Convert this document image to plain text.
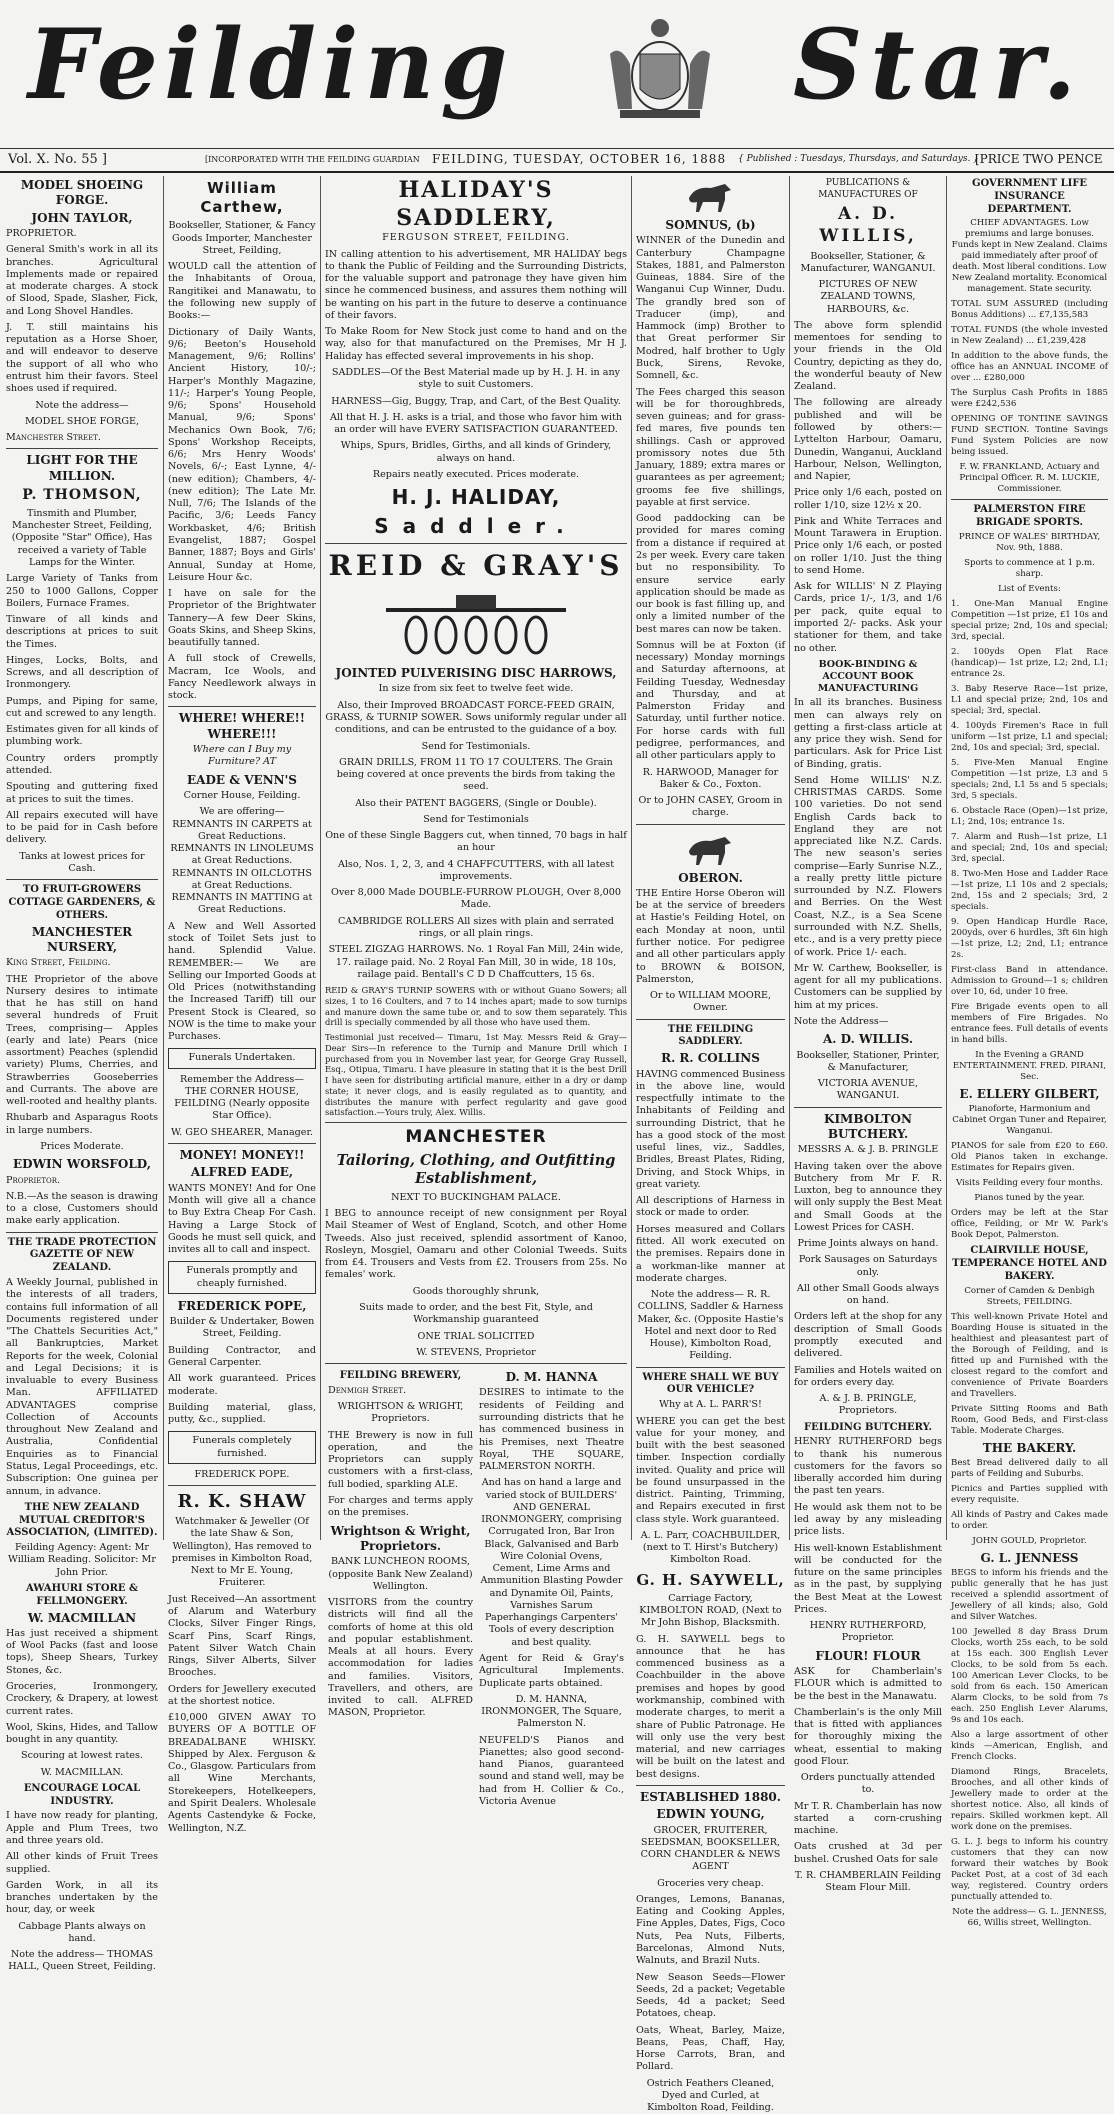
Feilding	Star.
Vol. X. No. 55 ]	[INCORPORATED WITH THE FEILDING GUARDIAN FEILDING, TUESDAY, OCTOBER 16, 1888 { Published : Tuesdays, Thursdays, and Saturdays. }
[PRICE TWO PENCE
MODEL SHOEING FORGE.
JOHN TAYLOR,

PROPRIETOR.

General Smith's work in all its branches. Agricultural Implements made or repaired at moderate charges. A stock of Slood, Spade, Slasher, Fick, and Long Shovel Handles.

J. T. still maintains his reputation as a Horse Shoer, and will endeavor to deserve the support of all who who entrust him their favors. Steel shoes used if required.

Note the address—

MODEL SHOE FORGE,

Manchester Street.

LIGHT FOR THE MILLION.
P. THOMSON,

Tinsmith and Plumber, Manchester Street, Feilding, (Opposite "Star" Office), Has received a variety of Table Lamps for the Winter.

Large Variety of Tanks from 250 to 1000 Gallons, Copper Boilers, Furnace Frames.

Tinware of all kinds and descriptions at prices to suit the Times.

Hinges, Locks, Bolts, and Screws, and all description of Ironmongery.

Pumps, and Piping for same, cut and screwed to any length.

Estimates given for all kinds of plumbing work.

Country orders promptly attended.

Spouting and guttering fixed at prices to suit the times.

All repairs executed will have to be paid for in Cash before delivery.

Tanks at lowest prices for Cash.

TO FRUIT-GROWERS COTTAGE GARDENERS, & OTHERS.
MANCHESTER NURSERY,

King Street, Feilding.

THE Proprietor of the above Nursery desires to intimate that he has still on hand several hundreds of Fruit Trees, comprising— Apples (early and late) Pears (nice assortment) Peaches (splendid variety) Plums, Cherries, and Strawberries Gooseberries and Currants. The above are well-rooted and healthy plants.

Rhubarb and Asparagus Roots in large numbers.

Prices Moderate.

EDWIN WORSFOLD,

Proprietor.

N.B.—As the season is drawing to a close, Customers should make early application.

THE TRADE PROTECTION GAZETTE OF NEW ZEALAND.

A Weekly Journal, published in the interests of all traders, contains full information of all Documents registered under "The Chattels Securities Act," all Bankruptcies, Market Reports for the week, Colonial and Legal Decisions; it is invaluable to every Business Man. AFFILIATED ADVANTAGES comprise Collection of Accounts throughout New Zealand and Australia, Confidential Enquiries as to Financial Status, Legal Proceedings, etc. Subscription: One guinea per annum, in advance.

THE NEW ZEALAND MUTUAL CREDITOR'S ASSOCIATION, (LIMITED).

Feilding Agency: Agent: Mr William Reading. Solicitor: Mr John Prior.

AWAHURI STORE & FELLMONGERY.
W. MACMILLAN

Has just received a shipment of Wool Packs (fast and loose tops), Sheep Shears, Turkey Stones, &c.

Groceries, Ironmongery, Crockery, & Drapery, at lowest current rates.

Wool, Skins, Hides, and Tallow bought in any quantity.

Scouring at lowest rates.

W. MACMILLAN.

ENCOURAGE LOCAL INDUSTRY.

I have now ready for planting, Apple and Plum Trees, two and three years old.

All other kinds of Fruit Trees supplied.

Garden Work, in all its branches undertaken by the hour, day, or week

Cabbage Plants always on hand.

Note the address— THOMAS HALL, Queen Street, Feilding.

William Carthew,

Bookseller, Stationer, & Fancy Goods Importer, Manchester Street, Feilding,

WOULD call the attention of the Inhabitants of Oroua, Rangitikei and Manawatu, to the following new supply of Books:—

Dictionary of Daily Wants, 9/6; Beeton's Household Management, 9/6; Rollins' Ancient History, 10/-; Harper's Monthly Magazine, 11/-; Harper's Young People, 9/6; Spons' Household Manual, 9/6; Spons' Mechanics Own Book, 7/6; Spons' Workshop Receipts, 6/6; Mrs Henry Woods' Novels, 6/-; East Lynne, 4/- (new edition); Chambers, 4/- (new edition); The Late Mr. Null, 7/6; The Islands of the Pacific, 3/6; Leeds Fancy Workbasket, 4/6; British Evangelist, 1887; Gospel Banner, 1887; Boys and Girls' Annual, Sunday at Home, Leisure Hour &c.

I have on sale for the Proprietor of the Brightwater Tannery—A few Deer Skins, Goats Skins, and Sheep Skins, beautifully tanned.

A full stock of Crewells, Macram, Ice Wools, and Fancy Needlework always in stock.

WHERE! WHERE!! WHERE!!!

Where can I Buy my Furniture? AT

EADE & VENN'S

Corner House, Feilding.

We are offering— REMNANTS IN CARPETS at Great Reductions. REMNANTS IN LINOLEUMS at Great Reductions. REMNANTS IN OILCLOTHS at Great Reductions. REMNANTS IN MATTING at Great Reductions.

A New and Well Assorted stock of Toilet Sets just to hand. Splendid Value. REMEMBER:— We are Selling our Imported Goods at Old Prices (notwithstanding the Increased Tariff) till our Present Stock is Cleared, so NOW is the time to make your Purchases.

Funerals Undertaken.

Remember the Address— THE CORNER HOUSE, FEILDING (Nearly opposite Star Office).

W. GEO SHEARER, Manager.

MONEY! MONEY!!
ALFRED EADE,

WANTS MONEY! And for One Month will give all a chance to Buy Extra Cheap For Cash. Having a Large Stock of Goods he must sell quick, and invites all to call and inspect.

Funerals promptly and cheaply furnished.
FREDERICK POPE,

Builder & Undertaker, Bowen Street, Feilding.

Building Contractor, and General Carpenter.

All work guaranteed. Prices moderate.

Building material, glass, putty, &c., supplied.

Funerals completely furnished.

FREDERICK POPE.

R. K. SHAW

Watchmaker & Jeweller (Of the late Shaw & Son, Wellington), Has removed to premises in Kimbolton Road, Next to Mr E. Young, Fruiterer.

Just Received—An assortment of Alarum and Waterbury Clocks, Silver Finger Rings, Scarf Pins, Scarf Rings, Patent Silver Watch Chain Rings, Silver Alberts, Silver Brooches.

Orders for Jewellery executed at the shortest notice.

£10,000 GIVEN AWAY TO BUYERS OF A BOTTLE OF BREADALBANE WHISKY. Shipped by Alex. Ferguson & Co., Glasgow. Particulars from all Wine Merchants, Storekeepers, Hotelkeepers, and Spirit Dealers. Wholesale Agents Castendyke & Focke, Wellington, N.Z.

HALIDAY'S SADDLERY,

FERGUSON STREET, FEILDING.

IN calling attention to his advertisement, MR HALIDAY begs to thank the Public of Feilding and the Surrounding Districts, for the valuable support and patronage they have given him since he commenced business, and assures them nothing will be wanting on his part in the future to deserve a continuance of their favors.

To Make Room for New Stock just come to hand and on the way, also for that manufactured on the Premises, Mr H J. Haliday has effected several improvements in his shop.

SADDLES—Of the Best Material made up by H. J. H. in any style to suit Customers.

HARNESS—Gig, Buggy, Trap, and Cart, of the Best Quality.

All that H. J. H. asks is a trial, and those who favor him with an order will have EVERY SATISFACTION GUARANTEED.

Whips, Spurs, Bridles, Girths, and all kinds of Grindery, always on hand.

Repairs neatly executed. Prices moderate.

H. J. HALIDAY,
Saddler.
REID & GRAY'S
JOINTED PULVERISING DISC HARROWS,

In size from six feet to twelve feet wide.

Also, their Improved BROADCAST FORCE-FEED GRAIN, GRASS, & TURNIP SOWER. Sows uniformly regular under all conditions, and can be entrusted to the guidance of a boy.

Send for Testimonials.

GRAIN DRILLS, FROM 11 TO 17 COULTERS. The Grain being covered at once prevents the birds from taking the seed.

Also their PATENT BAGGERS, (Single or Double).

Send for Testimonials

One of these Single Baggers cut, when tinned, 70 bags in half an hour

Also, Nos. 1, 2, 3, and 4 CHAFFCUTTERS, with all latest improvements.

Over 8,000 Made DOUBLE-FURROW PLOUGH, Over 8,000 Made.

CAMBRIDGE ROLLERS All sizes with plain and serrated rings, or all plain rings.

STEEL ZIGZAG HARROWS. No. 1 Royal Fan Mill, 24in wide, 17. railage paid. No. 2 Royal Fan Mill, 30 in wide, 18 10s, railage paid. Bentall's C D D Chaffcutters, 15 6s.

REID & GRAY'S TURNIP SOWERS with or without Guano Sowers; all sizes, 1 to 16 Coulters, and 7 to 14 inches apart; made to sow turnips and manure down the same tube or, and to sow them separately. This drill is specially commended by all those who have used them.

Testimonial just received— Timaru, 1st May. Messrs Reid & Gray—Dear Sirs—In reference to the Turnip and Manure Drill which I purchased from you in November last year, for George Gray Russell, Esq., Otipua, Timaru. I have pleasure in stating that it is the best Drill I have seen for distributing artificial manure, either in a dry or damp state; it never clogs, and is easily regulated as to quantity, and distributes the manure with perfect regularity and gave good satisfaction.—Yours truly, Alex. Willis.

MANCHESTER
Tailoring, Clothing, and Outfitting Establishment,

NEXT TO BUCKINGHAM PALACE.

I BEG to announce receipt of new consignment per Royal Mail Steamer of West of England, Scotch, and other Home Tweeds. Also just received, splendid assortment of Kanoo, Rosleyn, Mosgiel, Oamaru and other Colonial Tweeds. Suits from £4. Trousers and Vests from £2. Trousers from 25s. No females' work.

Goods thoroughly shrunk,

Suits made to order, and the best Fit, Style, and Workmanship guaranteed

ONE TRIAL SOLICITED

W. STEVENS, Proprietor

FEILDING BREWERY,

Denmigh Street.

WRIGHTSON & WRIGHT, Proprietors.

THE Brewery is now in full operation, and the Proprietors can supply customers with a first-class, full bodied, sparkling ALE.

For charges and terms apply on the premises.

Wrightson & Wright, Proprietors.

BANK LUNCHEON ROOMS, (opposite Bank New Zealand) Wellington.

VISITORS from the country districts will find all the comforts of home at this old and popular establishment. Meals at all hours. Every accommodation for ladies and families. Visitors, Travellers, and others, are invited to call. ALFRED MASON, Proprietor.

D. M. HANNA

DESIRES to intimate to the residents of Feilding and surrounding districts that he has commenced business in his Premises, next Theatre Royal, THE SQUARE, PALMERSTON NORTH.

And has on hand a large and varied stock of BUILDERS' AND GENERAL IRONMONGERY, comprising Corrugated Iron, Bar Iron Black, Galvanised and Barb Wire Colonial Ovens, Cement, Lime Arms and Ammunition Blasting Powder and Dynamite Oil, Paints, Varnishes Sarum Paperhangings Carpenters' Tools of every description and best quality.

Agent for Reid & Gray's Agricultural Implements. Duplicate parts obtained.

D. M. HANNA, IRONMONGER, The Square, Palmerston N.

NEUFELD'S Pianos and Pianettes; also good second-hand Pianos, guaranteed sound and stand well, may be had from H. Collier & Co., Victoria Avenue

SOMNUS, (b)

WINNER of the Dunedin and Canterbury Champagne Stakes, 1881, and Palmerston Guineas, 1884. Sire of the Wanganui Cup Winner, Dudu. The grandly bred son of Traducer (imp), and Hammock (imp) Brother to that Great performer Sir Modred, half brother to Ugly Buck, Sirens, Revoke, Somnell, &c.

The Fees charged this season will be for thoroughbreds, seven guineas; and for grass-fed mares, five pounds ten shillings. Cash or approved promissory notes due 5th January, 1889; extra mares or guarantees as per agreement; grooms fee five shillings, payable at first service.

Good paddocking can be provided for mares coming from a distance if required at 2s per week. Every care taken but no responsibility. To ensure service early application should be made as our book is fast filling up, and only a limited number of the best mares can now be taken.

Somnus will be at Foxton (if necessary) Monday mornings and Saturday afternoons, at Feilding Tuesday, Wednesday and Thursday, and at Palmerston Friday and Saturday, until further notice. For horse cards with full pedigree, performances, and all other particulars apply to

R. HARWOOD, Manager for Baker & Co., Foxton.

Or to JOHN CASEY, Groom in charge.

OBERON.

THE Entire Horse Oberon will be at the service of breeders at Hastie's Feilding Hotel, on each Monday at noon, until further notice. For pedigree and all other particulars apply to BROWN & BOISON, Palmerston,

Or to WILLIAM MOORE, Owner.

THE FEILDING SADDLERY.
R. R. COLLINS

HAVING commenced Business in the above line, would respectfully intimate to the Inhabitants of Feilding and surrounding District, that he has a good stock of the most useful lines, viz., Saddles, Bridles, Breast Plates, Riding, Driving, and Stock Whips, in great variety.

All descriptions of Harness in stock or made to order.

Horses measured and Collars fitted. All work executed on the premises. Repairs done in a workman-like manner at moderate charges.

Note the address— R. R. COLLINS, Saddler & Harness Maker, &c. (Opposite Hastie's Hotel and next door to Red House), Kimbolton Road, Feilding.

WHERE SHALL WE BUY OUR VEHICLE?

Why at A. L. PARR'S!

WHERE you can get the best value for your money, and built with the best seasoned timber. Inspection cordially invited. Quality and price will be found unsurpassed in the district. Painting, Trimming, and Repairs executed in first class style. Work guaranteed.

A. L. Parr, COACHBUILDER, (next to T. Hirst's Butchery) Kimbolton Road.

G. H. SAYWELL,

Carriage Factory, KIMBOLTON ROAD, (Next to Mr John Bishop, Blacksmith.

G. H. SAYWELL begs to announce that he has commenced business as a Coachbuilder in the above premises and hopes by good workmanship, combined with moderate charges, to merit a share of Public Patronage. He will only use the very best material, and new carriages will be built on the latest and best designs.

ESTABLISHED 1880.
EDWIN YOUNG,

GROCER, FRUITERER, SEEDSMAN, BOOKSELLER, CORN CHANDLER & NEWS AGENT

Groceries very cheap.

Oranges, Lemons, Bananas, Eating and Cooking Apples, Fine Apples, Dates, Figs, Coco Nuts, Pea Nuts, Filberts, Barcelonas, Almond Nuts, Walnuts, and Brazil Nuts.

New Season Seeds—Flower Seeds, 2d a packet; Vegetable Seeds, 4d a packet; Seed Potatoes, cheap.

Oats, Wheat, Barley, Maize, Beans, Peas, Chaff, Hay, Horse Carrots, Bran, and Pollard.

Ostrich Feathers Cleaned, Dyed and Curled, at Kimbolton Road, Feilding.

PUBLICATIONS & MANUFACTURES OF
A. D. WILLIS,

Bookseller, Stationer, & Manufacturer, WANGANUI.

PICTURES OF NEW ZEALAND TOWNS, HARBOURS, &c.

The above form splendid mementoes for sending to your friends in the Old Country, depicting as they do, the wonderful beauty of New Zealand.

The following are already published and will be followed by others:— Lyttelton Harbour, Oamaru, Dunedin, Wanganui, Auckland Harbour, Nelson, Wellington, and Napier,

Price only 1/6 each, posted on roller 1/10, size 12½ x 20.

Pink and White Terraces and Mount Tarawera in Eruption. Price only 1/6 each, or posted on roller 1/10. Just the thing to send Home.

Ask for WILLIS' N Z Playing Cards, price 1/-, 1/3, and 1/6 per pack, quite equal to imported 2/- packs. Ask your stationer for them, and take no other.

BOOK-BINDING & ACCOUNT BOOK MANUFACTURING

In all its branches. Business men can always rely on getting a first-class article at any price they wish. Send for particulars. Ask for Price List of Binding, gratis.

Send Home WILLIS' N.Z. CHRISTMAS CARDS. Some 100 varieties. Do not send English Cards back to England they are not appreciated like N.Z. Cards. The new season's series comprise—Early Sunrise N.Z., a really pretty little picture surrounded by N.Z. Flowers and Berries. On the West Coast, N.Z., is a Sea Scene surrounded with N.Z. Shells, etc., and is a very pretty piece of work. Price 1/- each.

Mr W. Carthew, Bookseller, is agent for all my publications. Customers can be supplied by him at my prices.

Note the Address—

A. D. WILLIS.

Bookseller, Stationer, Printer, & Manufacturer,

VICTORIA AVENUE, WANGANUI.

KIMBOLTON BUTCHERY.

MESSRS A. & J. B. PRINGLE

Having taken over the above Butchery from Mr F. R. Luxton, beg to announce they will only supply the Best Meat and Small Goods at the Lowest Prices for CASH.

Prime Joints always on hand.

Pork Sausages on Saturdays only.

All other Small Goods always on hand.

Orders left at the shop for any description of Small Goods promptly executed and delivered.

Families and Hotels waited on for orders every day.

A. & J. B. PRINGLE, Proprietors.

FEILDING BUTCHERY.

HENRY RUTHERFORD begs to thank his numerous customers for the favors so liberally accorded him during the past ten years.

He would ask them not to be led away by any misleading price lists.

His well-known Establishment will be conducted for the future on the same principles as in the past, by supplying the Best Meat at the Lowest Prices.

HENRY RUTHERFORD, Proprietor.

FLOUR! FLOUR

ASK for Chamberlain's FLOUR which is admitted to be the best in the Manawatu.

Chamberlain's is the only Mill that is fitted with appliances for thoroughly mixing the wheat, essential to making good Flour.

Orders punctually attended to.

Mr T. R. Chamberlain has now started a corn-crushing machine.

Oats crushed at 3d per bushel. Crushed Oats for sale

T. R. CHAMBERLAIN Feilding Steam Flour Mill.

GOVERNMENT LIFE INSURANCE DEPARTMENT.

CHIEF ADVANTAGES. Low premiums and large bonuses. Funds kept in New Zealand. Claims paid immediately after proof of death. Most liberal conditions. Low New Zealand mortality. Economical management. State security.

TOTAL SUM ASSURED (including Bonus Additions) ... £7,135,583

TOTAL FUNDS (the whole invested in New Zealand) ... £1,239,428

In addition to the above funds, the office has an ANNUAL INCOME of over ... £280,000

The Surplus Cash Profits in 1885 were £242,536

OPENING OF TONTINE SAVINGS FUND SECTION. Tontine Savings Fund System Policies are now being issued.

F. W. FRANKLAND, Actuary and Principal Officer. R. M. LUCKIE, Commissioner.

PALMERSTON FIRE BRIGADE SPORTS.

PRINCE OF WALES' BIRTHDAY, Nov. 9th, 1888.

Sports to commence at 1 p.m. sharp.

List of Events:

1. One-Man Manual Engine Competition —1st prize, £1 10s and special prize; 2nd, 10s and special; 3rd, special.

2. 100yds Open Flat Race (handicap)— 1st prize, L2; 2nd, L1; entrance 2s.

3. Baby Reserve Race—1st prize, L1 and special prize; 2nd, 10s and special; 3rd, special.

4. 100yds Firemen's Race in full uniform —1st prize, L1 and special; 2nd, 10s and special; 3rd, special.

5. Five-Men Manual Engine Competition —1st prize, L3 and 5 specials; 2nd, L1 5s and 5 specials; 3rd, 5 specials.

6. Obstacle Race (Open)—1st prize, L1; 2nd, 10s; entrance 1s.

7. Alarm and Rush—1st prize, L1 and special; 2nd, 10s and special; 3rd, special.

8. Two-Men Hose and Ladder Race—1st prize, L1 10s and 2 specials; 2nd, 15s and 2 specials; 3rd, 2 specials.

9. Open Handicap Hurdle Race, 200yds, over 6 hurdles, 3ft 6in high—1st prize, L2; 2nd, L1; entrance 2s.

First-class Band in attendance. Admission to Ground—1 s; children over 10, 6d, under 10 free.

Fire Brigade events open to all members of Fire Brigades. No entrance fees. Full details of events in hand bills.

In the Evening a GRAND ENTERTAINMENT. FRED. PIRANI, Sec.

E. ELLERY GILBERT,

Pianoforte, Harmonium and Cabinet Organ Tuner and Repairer, Wanganui.

PIANOS for sale from £20 to £60. Old Pianos taken in exchange. Estimates for Repairs given.

Visits Feilding every four months.

Pianos tuned by the year.

Orders may be left at the Star office, Feilding, or Mr W. Park's Book Depot, Palmerston.

CLAIRVILLE HOUSE, TEMPERANCE HOTEL AND BAKERY.

Corner of Camden & Denbigh Streets, FEILDING.

This well-known Private Hotel and Boarding House is situated in the healthiest and pleasantest part of the Borough of Feilding, and is fitted up and Furnished with the closest regard to the comfort and convenience of Private Boarders and Travellers.

Private Sitting Rooms and Bath Room, Good Beds, and First-class Table. Moderate Charges.

THE BAKERY.

Best Bread delivered daily to all parts of Feilding and Suburbs.

Picnics and Parties supplied with every requisite.

All kinds of Pastry and Cakes made to order.

JOHN GOULD, Proprietor.

G. L. JENNESS

BEGS to inform his friends and the public generally that he has just received a splendid assortment of Jewellery of all kinds; also, Gold and Silver Watches.

100 Jewelled 8 day Brass Drum Clocks, worth 25s each, to be sold at 15s each. 300 English Lever Clocks, to be sold from 5s each. 100 American Lever Clocks, to be sold from 6s each. 150 American Alarm Clocks, to be sold from 7s each. 250 English Lever Alarums, 9s and 10s each.

Also a large assortment of other kinds —American, English, and French Clocks.

Diamond Rings, Bracelets, Brooches, and all other kinds of Jewellery made to order at the shortest notice. Also, all kinds of repairs. Skilled workmen kept. All work done on the premises.

G. L. J. begs to inform his country customers that they can now forward their watches by Book Packet Post, at a cost of 3d each way, registered. Country orders punctually attended to.

Note the address— G. L. JENNESS, 66, Willis street, Wellington.
